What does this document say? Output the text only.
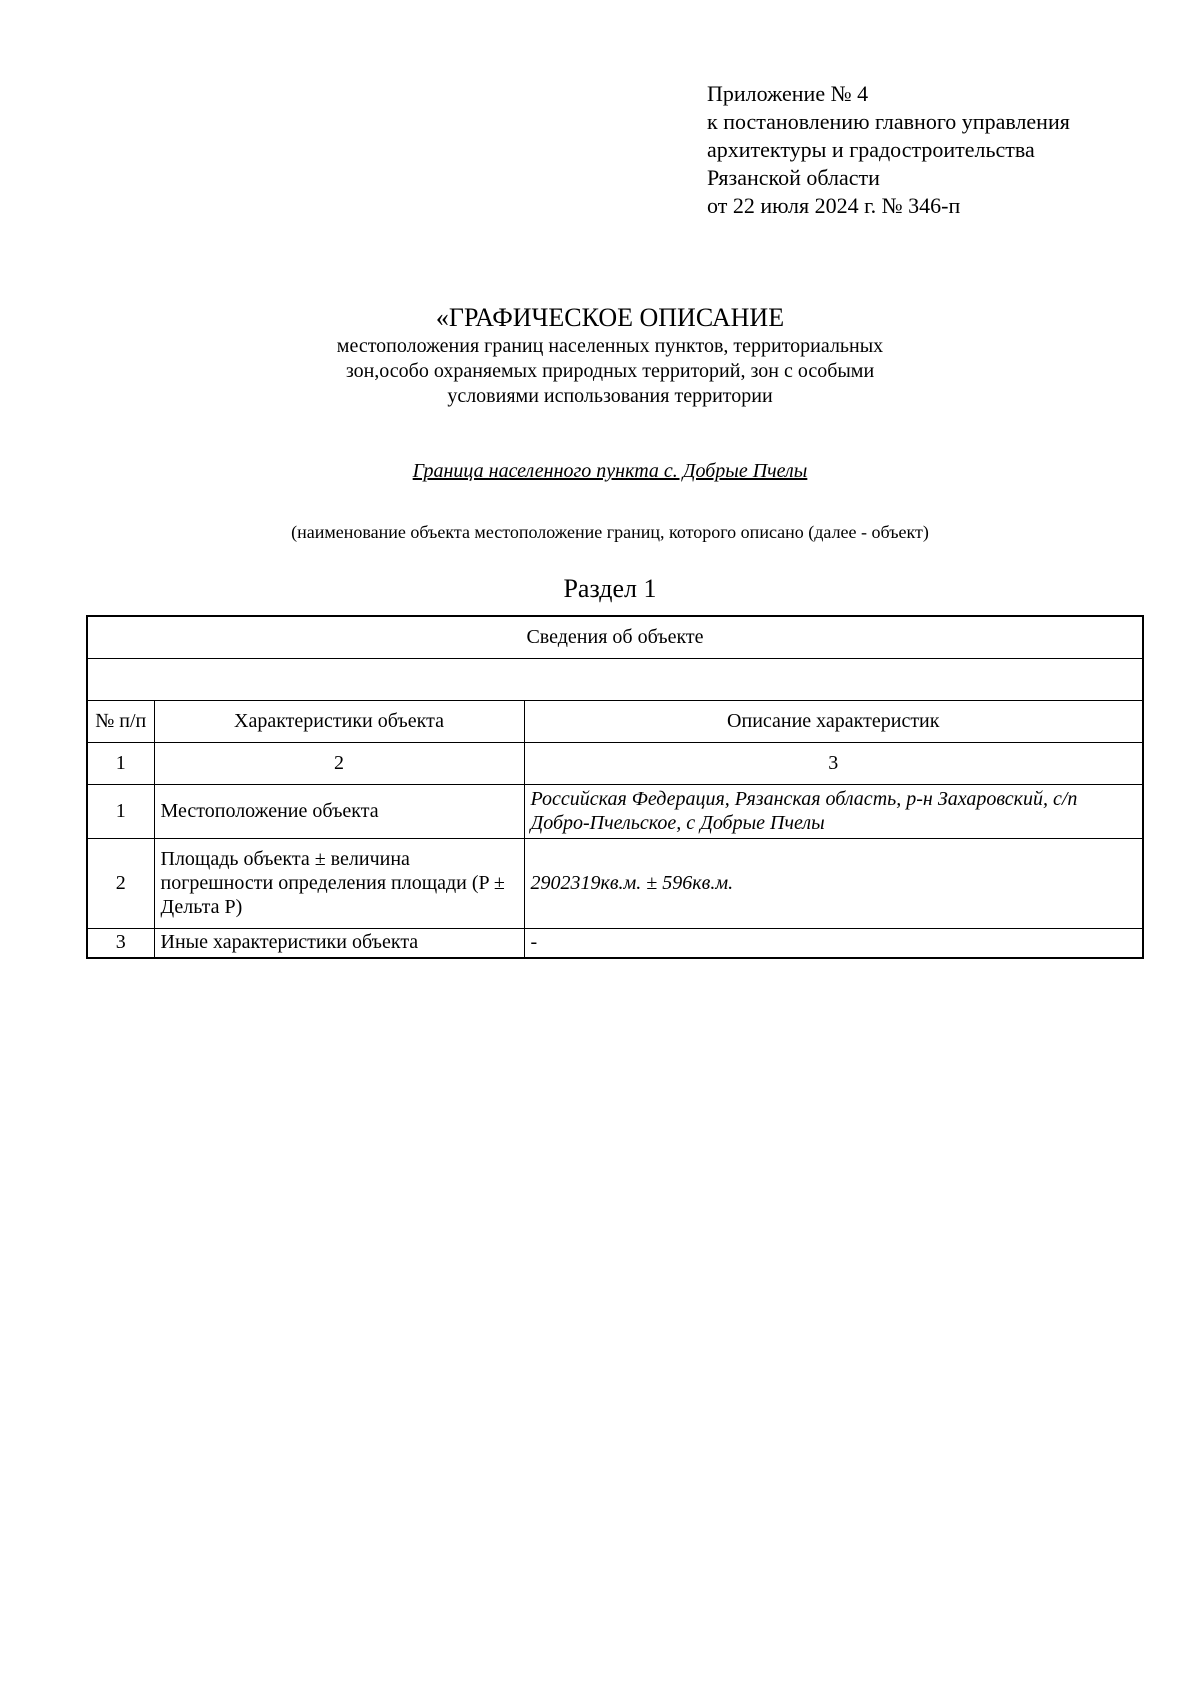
Приложение № 4
к постановлению главного управления
архитектуры и градостроительства
Рязанской области
от 22 июля 2024 г. № 346-п
«ГРАФИЧЕСКОЕ ОПИСАНИЕ
местоположения границ населенных пунктов, территориальных
зон,особо охраняемых природных территорий, зон с особыми
условиями использования территории
Граница населенного пункта с. Добрые Пчелы
(наименование объекта местоположение границ, которого описано (далее - объект)
Раздел 1
Сведения об объекте		

№ п/п	Характеристики объекта	Описание характеристик
1	2	3
1	Местоположение объекта	Российская Федерация, Рязанская область, р-н Захаровский, с/п Добро-Пчельское, с Добрые Пчелы
2	Площадь объекта ± величина погрешности определения площади (P ± Дельта P)	2902319кв.м. ± 596кв.м.
3	Иные характеристики объекта	-
